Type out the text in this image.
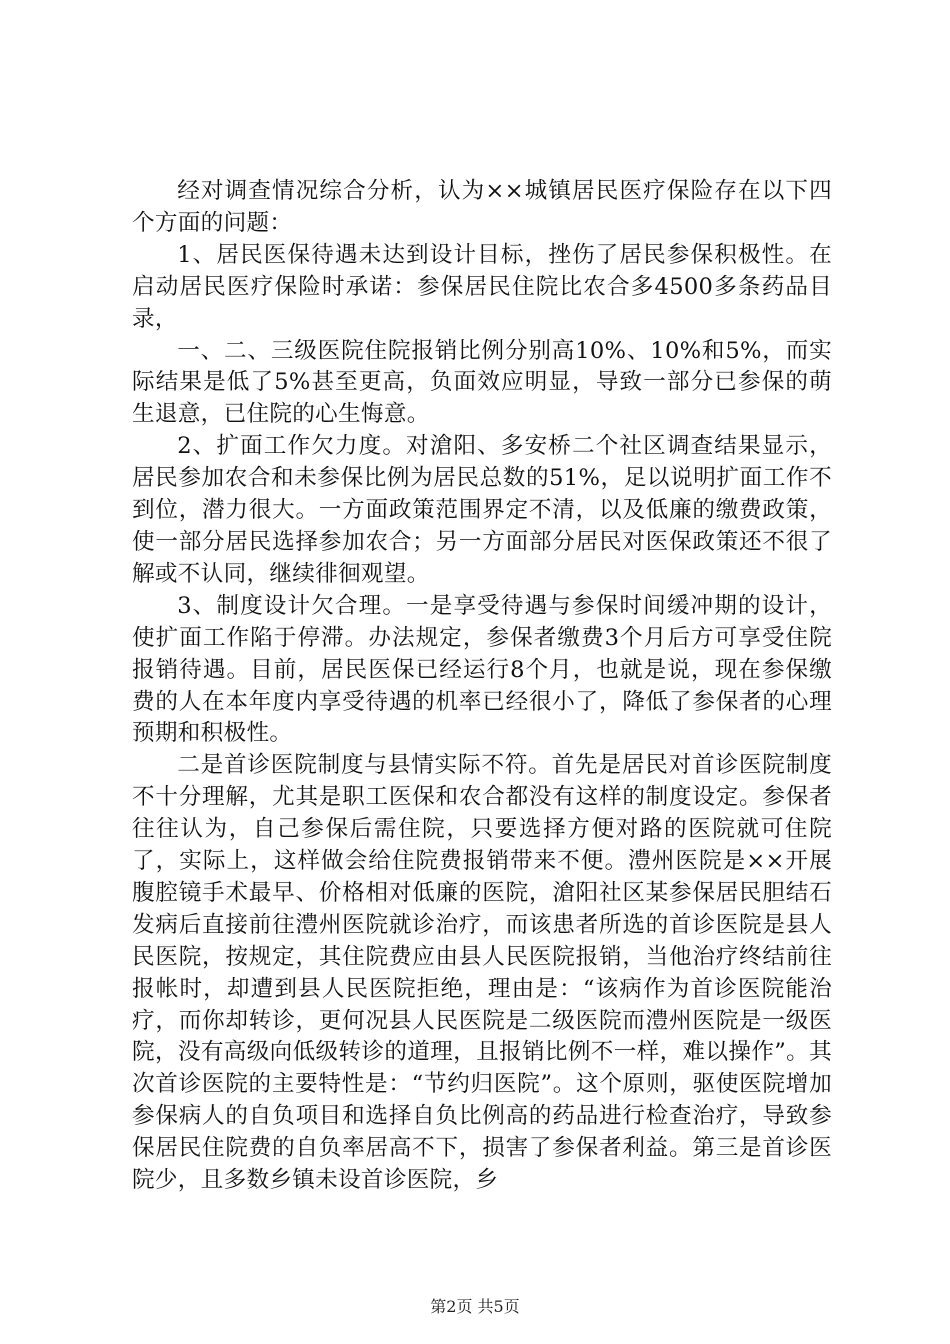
经对调查情况综合分析，认为××城镇居民医疗保险存在以下四个方面的问题：

1、居民医保待遇未达到设计目标，挫伤了居民参保积极性。在启动居民医疗保险时承诺：参保居民住院比农合多4500多条药品目录，

一、二、三级医院住院报销比例分别高10%、10%和5%，而实际结果是低了5%甚至更高，负面效应明显，导致一部分已参保的萌生退意，已住院的心生悔意。

2、扩面工作欠力度。对滄阳、多安桥二个社区调查结果显示，居民参加农合和未参保比例为居民总数的51%，足以说明扩面工作不到位，潜力很大。一方面政策范围界定不清，以及低廉的缴费政策，使一部分居民选择参加农合；另一方面部分居民对医保政策还不很了解或不认同，继续徘徊观望。

3、制度设计欠合理。一是享受待遇与参保时间缓冲期的设计，使扩面工作陷于停滞。办法规定，参保者缴费3个月后方可享受住院报销待遇。目前，居民医保已经运行8个月，也就是说，现在参保缴费的人在本年度内享受待遇的机率已经很小了，降低了参保者的心理预期和积极性。

二是首诊医院制度与县情实际不符。首先是居民对首诊医院制度不十分理解，尤其是职工医保和农合都没有这样的制度设定。参保者往往认为，自己参保后需住院，只要选择方便对路的医院就可住院了，实际上，这样做会给住院费报销带来不便。澧州医院是××开展腹腔镜手术最早、价格相对低廉的医院，滄阳社区某参保居民胆结石发病后直接前往澧州医院就诊治疗，而该患者所选的首诊医院是县人民医院，按规定，其住院费应由县人民医院报销，当他治疗终结前往报帐时，却遭到县人民医院拒绝，理由是：“该病作为首诊医院能治疗，而你却转诊，更何况县人民医院是二级医院而澧州医院是一级医院，没有高级向低级转诊的道理，且报销比例不一样，难以操作”。其次首诊医院的主要特性是：“节约归医院”。这个原则，驱使医院增加参保病人的自负项目和选择自负比例高的药品进行检查治疗，导致参保居民住院费的自负率居高不下，损害了参保者利益。第三是首诊医院少，且多数乡镇未设首诊医院，乡

第2页 共5页
